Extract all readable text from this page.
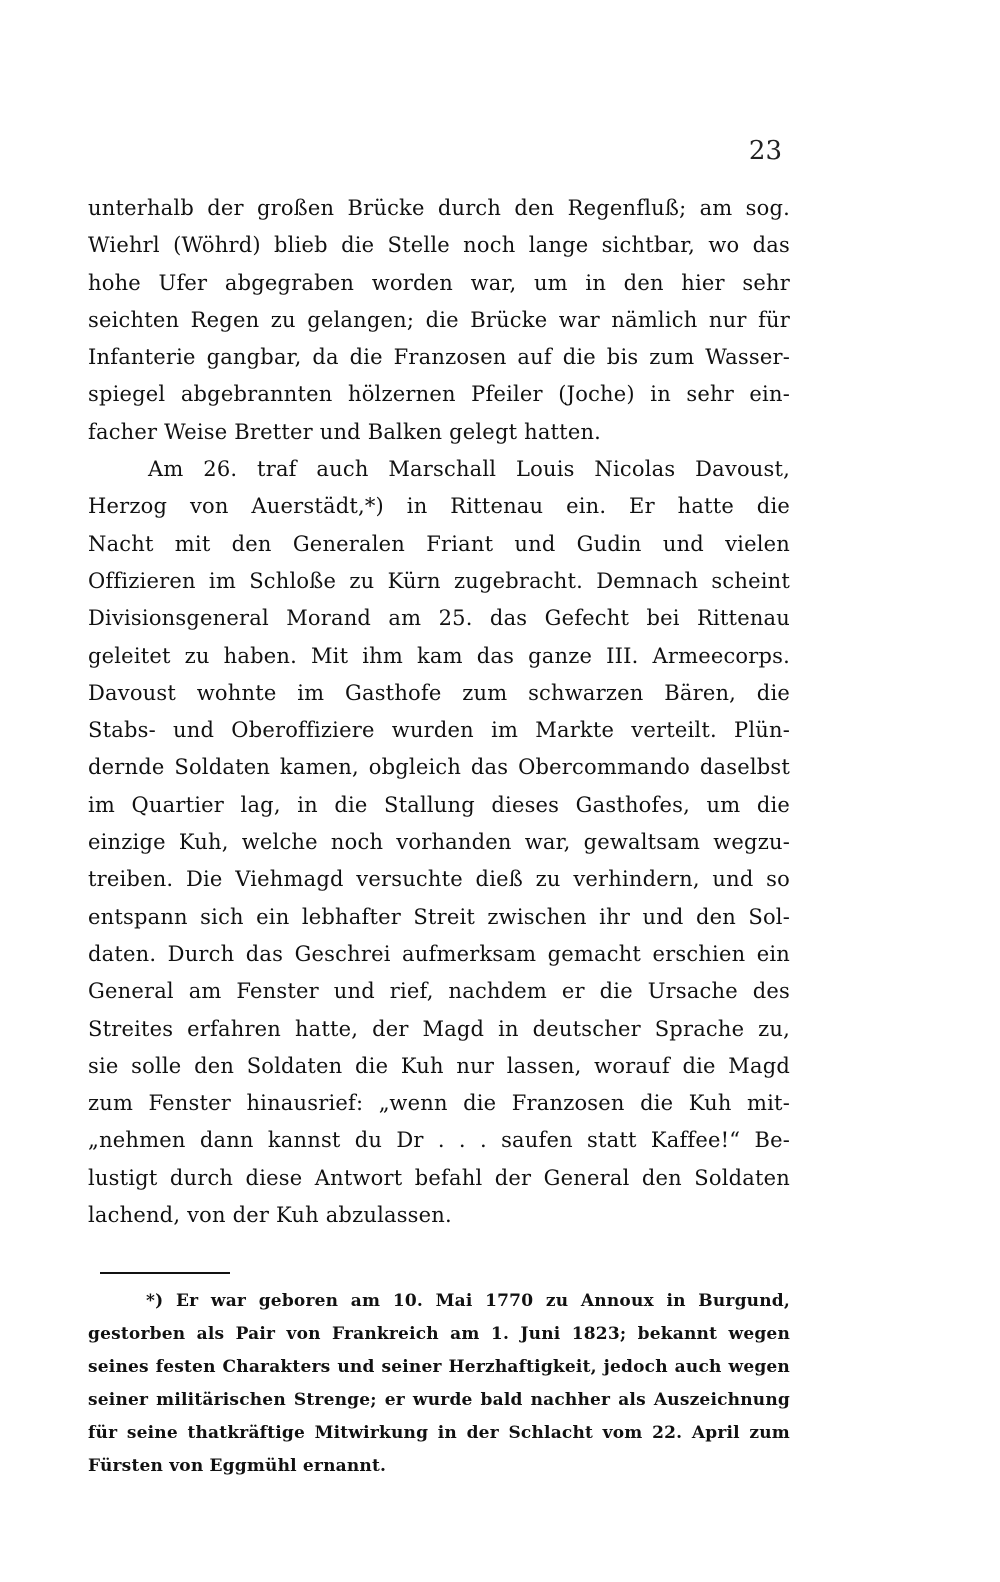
23
unterhalb der großen Brücke durch den Regenfluß; am sog.
Wiehrl (Wöhrd) blieb die Stelle noch lange sichtbar, wo das
hohe Ufer abgegraben worden war, um in den hier sehr
seichten Regen zu gelangen; die Brücke war nämlich nur für
Infanterie gangbar, da die Franzosen auf die bis zum Wasser-
spiegel abgebrannten hölzernen Pfeiler (Joche) in sehr ein-
facher Weise Bretter und Balken gelegt hatten.
Am 26. traf auch Marschall Louis Nicolas Davoust,
Herzog von Auerstädt,*) in Rittenau ein. Er hatte die
Nacht mit den Generalen Friant und Gudin und vielen
Offizieren im Schloße zu Kürn zugebracht. Demnach scheint
Divisionsgeneral Morand am 25. das Gefecht bei Rittenau
geleitet zu haben. Mit ihm kam das ganze III. Armeecorps.
Davoust wohnte im Gasthofe zum schwarzen Bären, die
Stabs- und Oberoffiziere wurden im Markte verteilt. Plün-
dernde Soldaten kamen, obgleich das Obercommando daselbst
im Quartier lag, in die Stallung dieses Gasthofes, um die
einzige Kuh, welche noch vorhanden war, gewaltsam wegzu-
treiben. Die Viehmagd versuchte dieß zu verhindern, und so
entspann sich ein lebhafter Streit zwischen ihr und den Sol-
daten. Durch das Geschrei aufmerksam gemacht erschien ein
General am Fenster und rief, nachdem er die Ursache des
Streites erfahren hatte, der Magd in deutscher Sprache zu,
sie solle den Soldaten die Kuh nur lassen, worauf die Magd
zum Fenster hinausrief: „wenn die Franzosen die Kuh mit-
„nehmen dann kannst du Dr . . . saufen statt Kaffee!“ Be-
lustigt durch diese Antwort befahl der General den Soldaten
lachend, von der Kuh abzulassen.
*) Er war geboren am 10. Mai 1770 zu Annoux in Burgund,
gestorben als Pair von Frankreich am 1. Juni 1823; bekannt wegen
seines festen Charakters und seiner Herzhaftigkeit, jedoch auch wegen
seiner militärischen Strenge; er wurde bald nachher als Auszeichnung
für seine thatkräftige Mitwirkung in der Schlacht vom 22. April zum
Fürsten von Eggmühl ernannt.
